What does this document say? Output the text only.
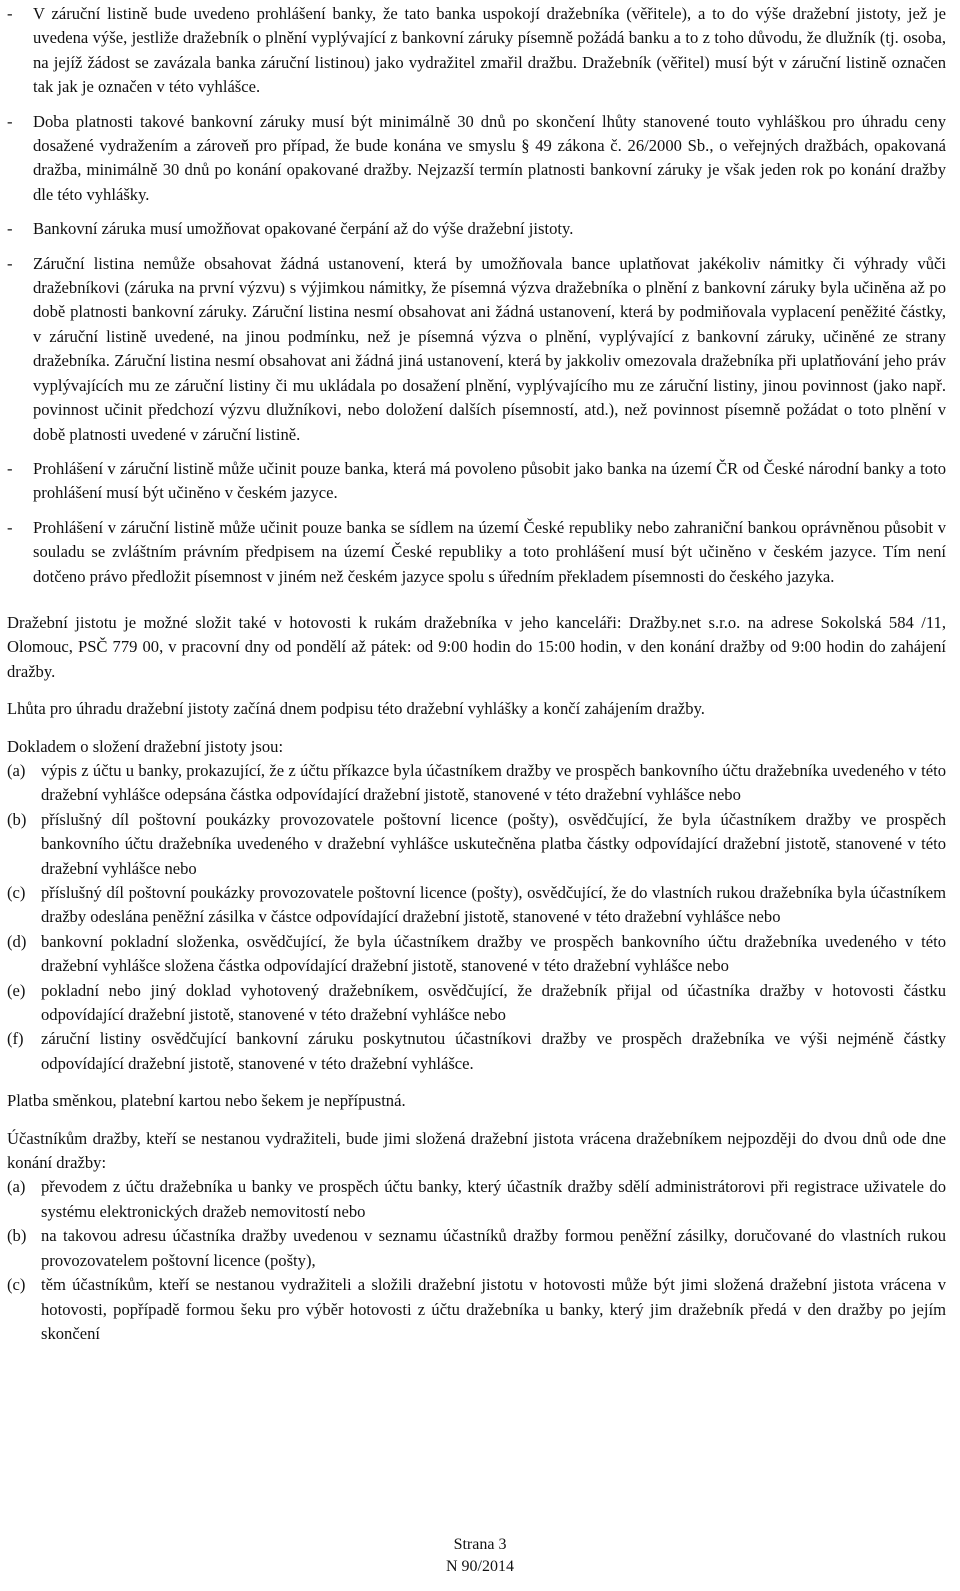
- V záruční listině bude uvedeno prohlášení banky, že tato banka uspokojí dražebníka (věřitele), a to do výše dražební jistoty, jež je uvedena výše, jestliže dražebník o plnění vyplývající z bankovní záruky písemně požádá banku a to z toho důvodu, že dlužník (tj. osoba, na jejíž žádost se zavázala banka záruční listinou) jako vydražitel zmařil dražbu. Dražebník (věřitel) musí být v záruční listině označen tak jak je označen v této vyhlášce.
- Doba platnosti takové bankovní záruky musí být minimálně 30 dnů po skončení lhůty stanovené touto vyhláškou pro úhradu ceny dosažené vydražením a zároveň pro případ, že bude konána ve smyslu § 49 zákona č. 26/2000 Sb., o veřejných dražbách, opakovaná dražba, minimálně 30 dnů po konání opakované dražby. Nejzazší termín platnosti bankovní záruky je však jeden rok po konání dražby dle této vyhlášky.
- Bankovní záruka musí umožňovat opakované čerpání až do výše dražební jistoty.
- Záruční listina nemůže obsahovat žádná ustanovení, která by umožňovala bance uplatňovat jakékoliv námitky či výhrady vůči dražebníkovi (záruka na první výzvu) s výjimkou námitky, že písemná výzva dražebníka o plnění z bankovní záruky byla učiněna až po době platnosti bankovní záruky. Záruční listina nesmí obsahovat ani žádná ustanovení, která by podmiňovala vyplacení peněžité částky, v záruční listině uvedené, na jinou podmínku, než je písemná výzva o plnění, vyplývající z bankovní záruky, učiněné ze strany dražebníka. Záruční listina nesmí obsahovat ani žádná jiná ustanovení, která by jakkoliv omezovala dražebníka při uplatňování jeho práv vyplývajících mu ze záruční listiny či mu ukládala po dosažení plnění, vyplývajícího mu ze záruční listiny, jinou povinnost (jako např. povinnost učinit předchozí výzvu dlužníkovi, nebo doložení dalších písemností, atd.), než povinnost písemně požádat o toto plnění v době platnosti uvedené v záruční listině.
- Prohlášení v záruční listině může učinit pouze banka, která má povoleno působit jako banka na území ČR od České národní banky a toto prohlášení musí být učiněno v českém jazyce.
- Prohlášení v záruční listině může učinit pouze banka se sídlem na území České republiky nebo zahraniční bankou oprávněnou působit v souladu se zvláštním právním předpisem na území České republiky a toto prohlášení musí být učiněno v českém jazyce. Tím není dotčeno právo předložit písemnost v jiném než českém jazyce spolu s úředním překladem písemnosti do českého jazyka.

Dražební jistotu je možné složit také v hotovosti k rukám dražebníka v jeho kanceláři: Dražby.net s.r.o. na adrese Sokolská 584 /11, Olomouc, PSČ 779 00, v pracovní dny od pondělí až pátek: od 9:00 hodin do 15:00 hodin, v den konání dražby od 9:00 hodin do zahájení dražby.

Lhůta pro úhradu dražební jistoty začíná dnem podpisu této dražební vyhlášky a končí zahájením dražby.

Dokladem o složení dražební jistoty jsou:

(a) výpis z účtu u banky, prokazující, že z účtu příkazce byla účastníkem dražby ve prospěch bankovního účtu dražebníka uvedeného v této dražební vyhlášce odepsána částka odpovídající dražební jistotě, stanovené v této dražební vyhlášce nebo
(b) příslušný díl poštovní poukázky provozovatele poštovní licence (pošty), osvědčující, že byla účastníkem dražby ve prospěch bankovního účtu dražebníka uvedeného v dražební vyhlášce uskutečněna platba částky odpovídající dražební jistotě, stanovené v této dražební vyhlášce nebo
(c) příslušný díl poštovní poukázky provozovatele poštovní licence (pošty), osvědčující, že do vlastních rukou dražebníka byla účastníkem dražby odeslána peněžní zásilka v částce odpovídající dražební jistotě, stanovené v této dražební vyhlášce nebo
(d) bankovní pokladní složenka, osvědčující, že byla účastníkem dražby ve prospěch bankovního účtu dražebníka uvedeného v této dražební vyhlášce složena částka odpovídající dražební jistotě, stanovené v této dražební vyhlášce nebo
(e) pokladní nebo jiný doklad vyhotovený dražebníkem, osvědčující, že dražebník přijal od účastníka dražby v hotovosti částku odpovídající dražební jistotě, stanovené v této dražební vyhlášce nebo
(f) záruční listiny osvědčující bankovní záruku poskytnutou účastníkovi dražby ve prospěch dražebníka ve výši nejméně částky odpovídající dražební jistotě, stanovené v této dražební vyhlášce.

Platba směnkou, platební kartou nebo šekem je nepřípustná.

Účastníkům dražby, kteří se nestanou vydražiteli, bude jimi složená dražební jistota vrácena dražebníkem nejpozději do dvou dnů ode dne konání dražby:

(a) převodem z účtu dražebníka u banky ve prospěch účtu banky, který účastník dražby sdělí administrátorovi při registrace uživatele do systému elektronických dražeb nemovitostí nebo
(b) na takovou adresu účastníka dražby uvedenou v seznamu účastníků dražby formou peněžní zásilky, doručované do vlastních rukou provozovatelem poštovní licence (pošty),
(c) těm účastníkům, kteří se nestanou vydražiteli a složili dražební jistotu v hotovosti může být jimi složená dražební jistota vrácena v hotovosti, popřípadě formou šeku pro výběr hotovosti z účtu dražebníka u banky, který jim dražebník předá v den dražby po jejím skončení
Strana 3
N 90/2014
